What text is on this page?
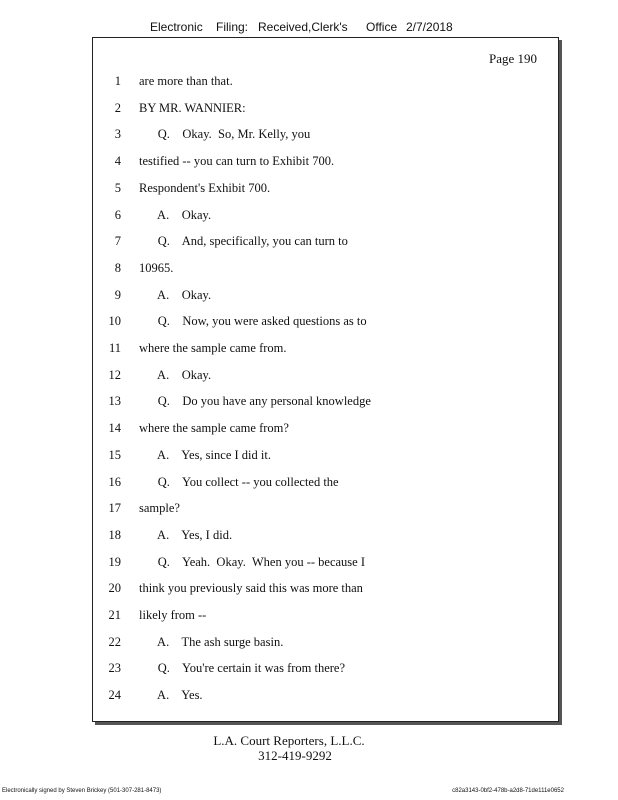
Electronic Filing: Received,Clerk's Office 2/7/2018
Page 190
1 are more than that.
2 BY MR. WANNIER:
3 Q.    Okay.  So, Mr. Kelly, you
4 testified -- you can turn to Exhibit 700.
5 Respondent's Exhibit 700.
6 A.    Okay.
7 Q.    And, specifically, you can turn to
8 10965.
9 A.    Okay.
10 Q.    Now, you were asked questions as to
11 where the sample came from.
12 A.    Okay.
13 Q.    Do you have any personal knowledge
14 where the sample came from?
15 A.    Yes, since I did it.
16 Q.    You collect -- you collected the
17 sample?
18 A.    Yes, I did.
19 Q.    Yeah.  Okay.  When you -- because I
20 think you previously said this was more than
21 likely from --
22 A.    The ash surge basin.
23 Q.    You're certain it was from there?
24 A.    Yes.
L.A. Court Reporters, L.L.C.
312-419-9292
Electronically signed by Steven Brickey (501-307-281-8473)	c82a3143-0bf2-478b-a2d8-71de111e0652
